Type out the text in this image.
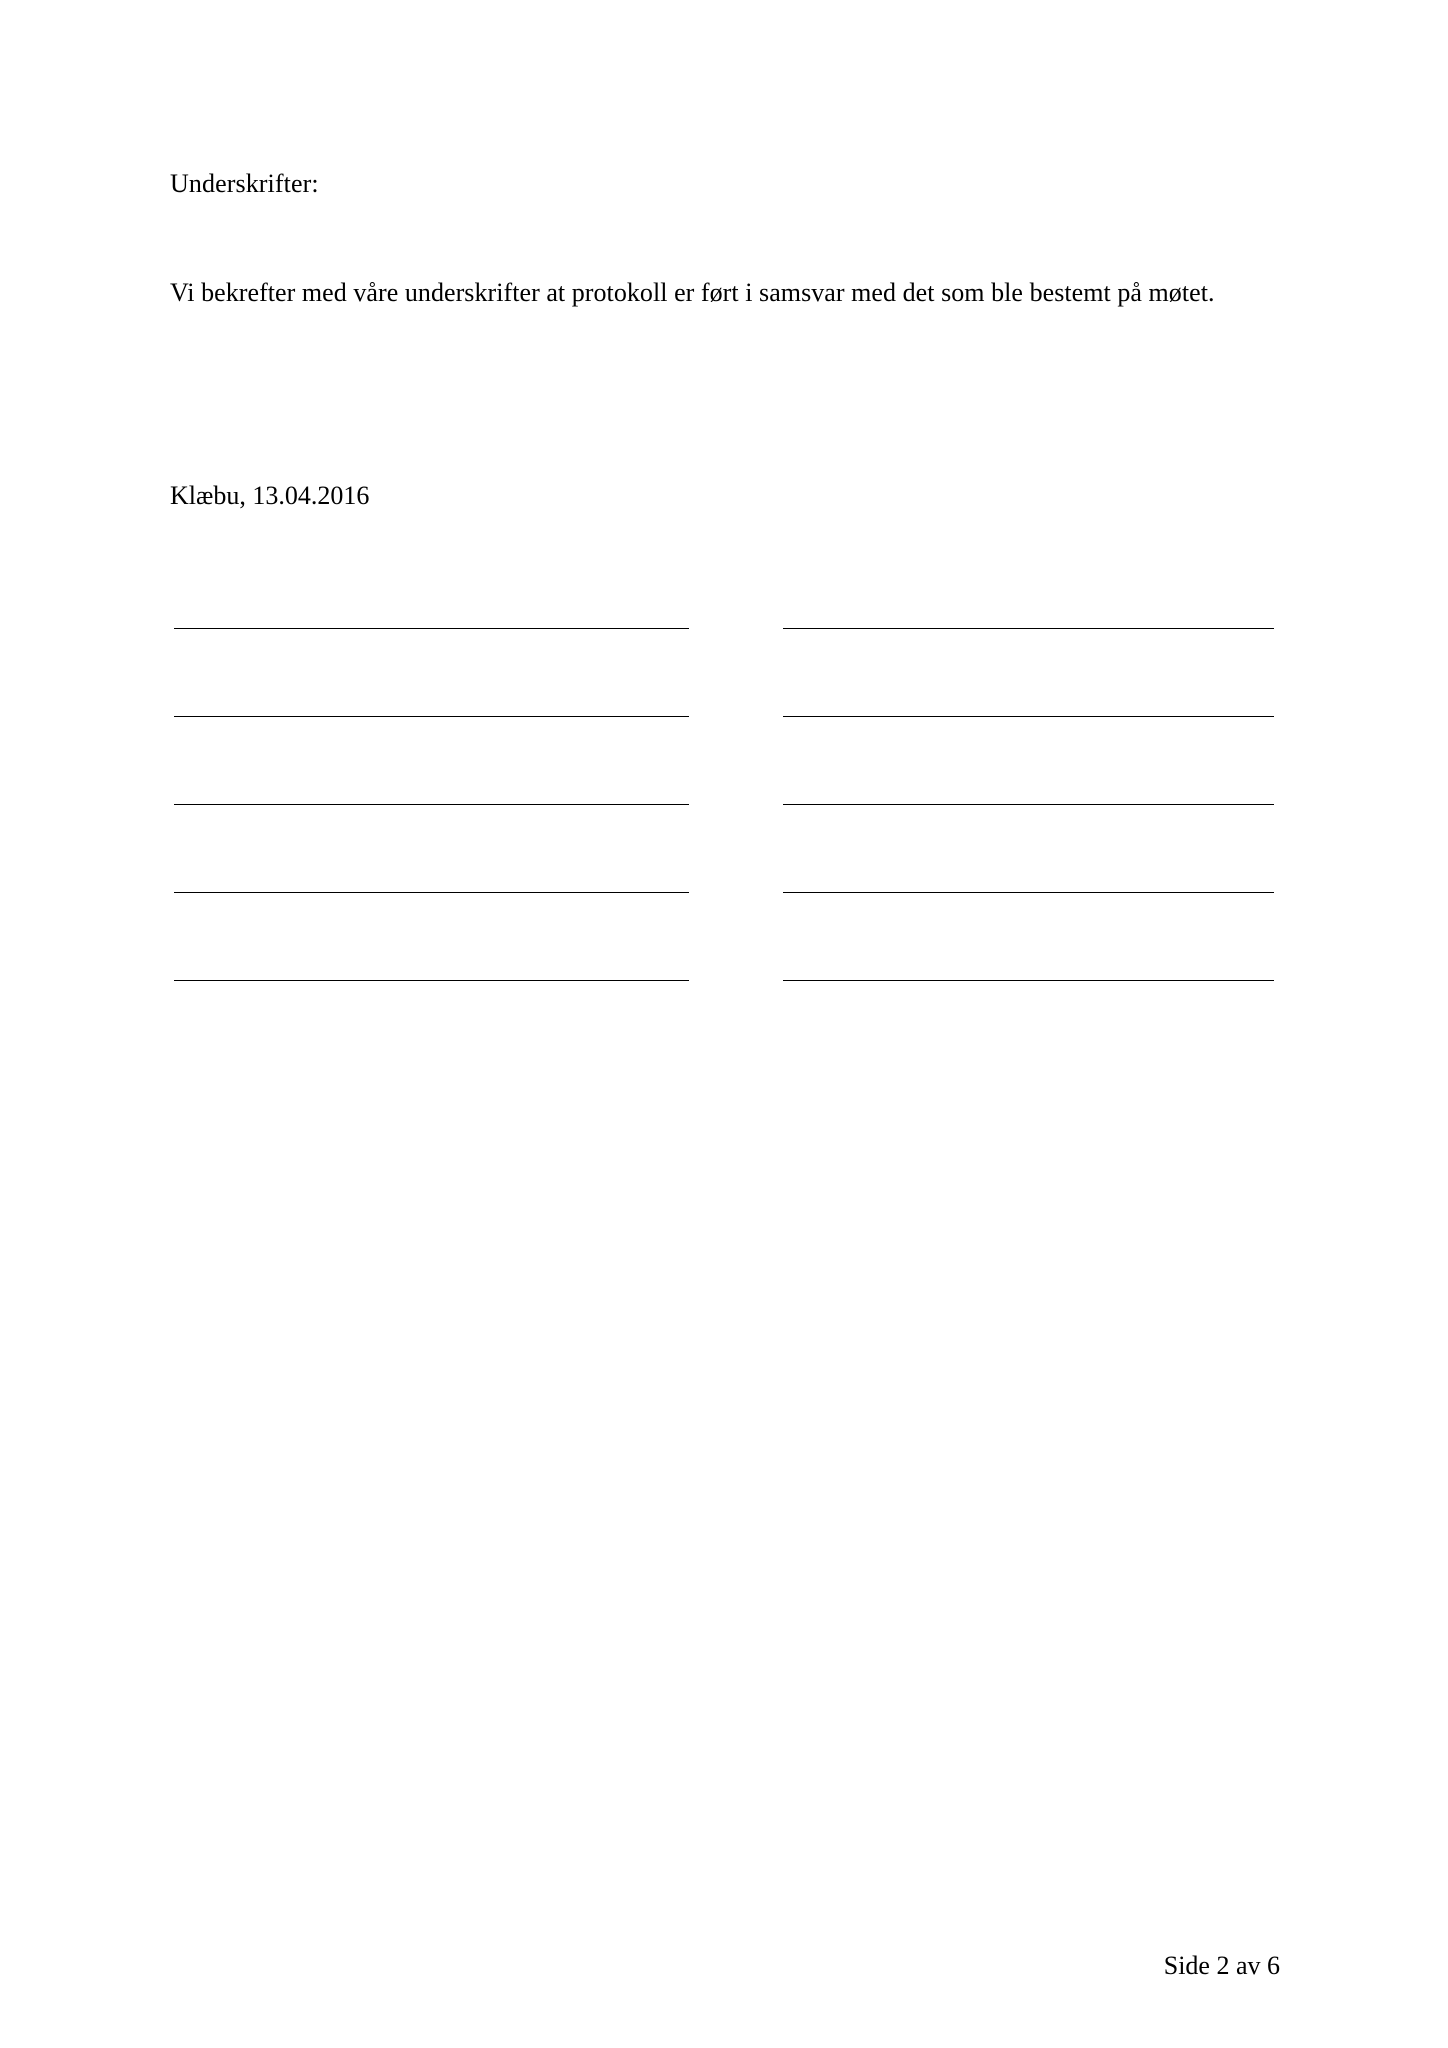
Underskrifter:
Vi bekrefter med våre underskrifter at protokoll er ført i samsvar med det som ble bestemt på møtet.
Klæbu, 13.04.2016
Side 2 av 6
